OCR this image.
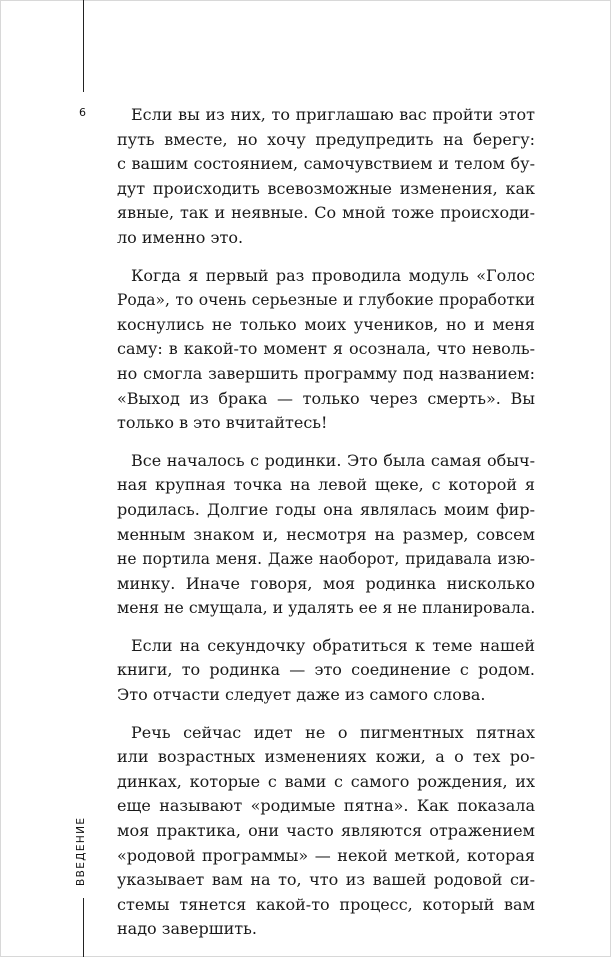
6
ВВЕДЕНИЕ

Если вы из них, то приглашаю вас пройти этот
путь вместе, но хочу предупредить на берегу:
с вашим состоянием, самочувствием и телом бу-
дут происходить всевозможные изменения, как
явные, так и неявные. Со мной тоже происходи-
ло именно это.

Когда я первый раз проводила модуль «Голос
Рода», то очень серьезные и глубокие проработки
коснулись не только моих учеников, но и меня
саму: в какой-то момент я осознала, что неволь-
но смогла завершить программу под названием:
«Выход из брака — только через смерть». Вы
только в это вчитайтесь!

Все началось с родинки. Это была самая обыч-
ная крупная точка на левой щеке, с которой я
родилась. Долгие годы она являлась моим фир-
менным знаком и, несмотря на размер, совсем
не портила меня. Даже наоборот, придавала изю-
минку. Иначе говоря, моя родинка нисколько
меня не смущала, и удалять ее я не планировала.

Если на секундочку обратиться к теме нашей
книги, то родинка — это соединение с родом.
Это отчасти следует даже из самого слова.

Речь сейчас идет не о пигментных пятнах
или возрастных изменениях кожи, а о тех ро-
динках, которые с вами с самого рождения, их
еще называют «родимые пятна». Как показала
моя практика, они часто являются отражением
«родовой программы» — некой меткой, которая
указывает вам на то, что из вашей родовой си-
стемы тянется какой-то процесс, который вам
надо завершить.
